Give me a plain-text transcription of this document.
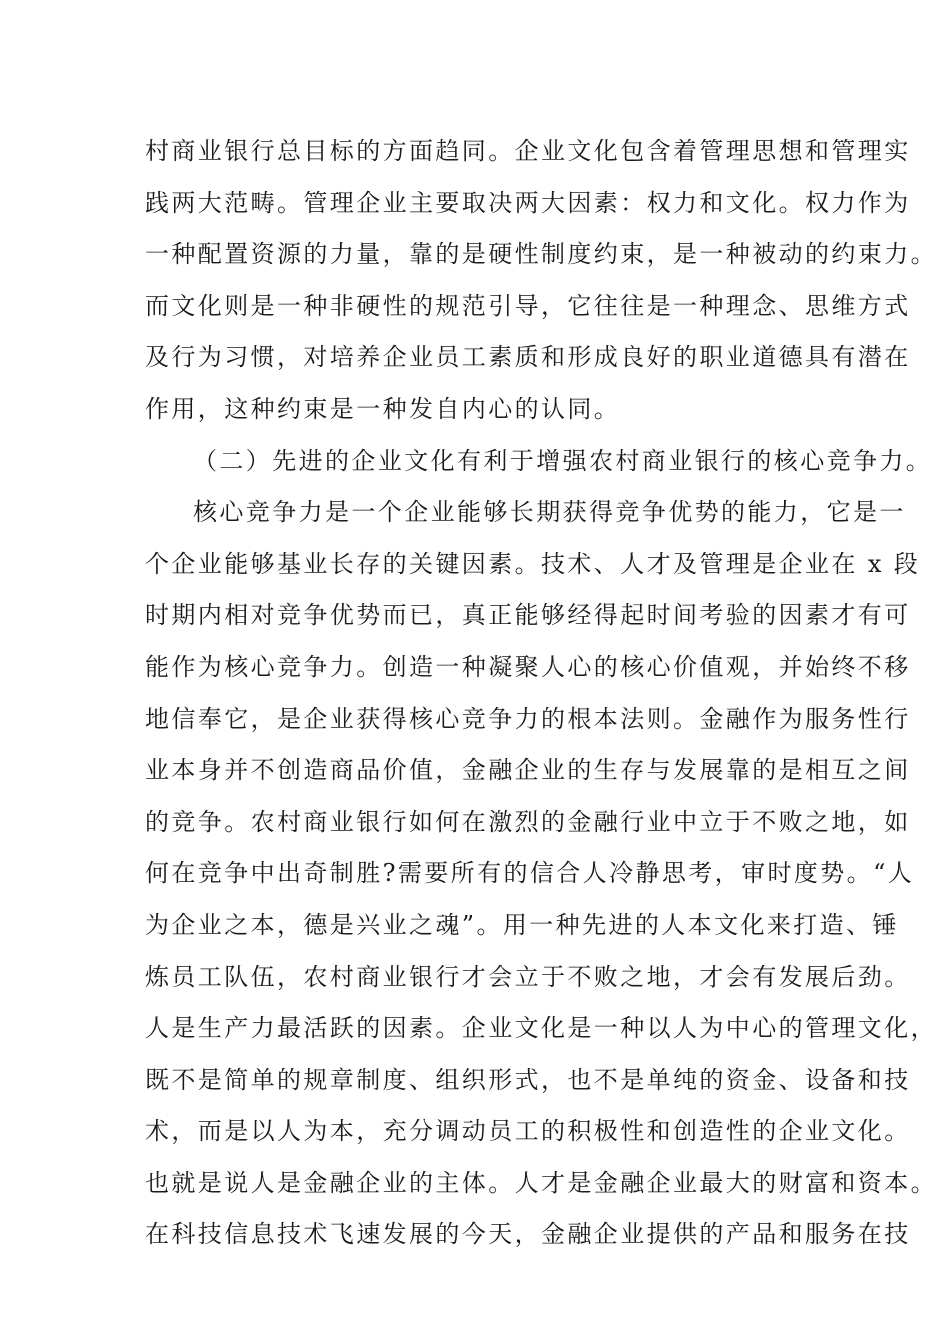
村商业银行总目标的方面趋同。企业文化包含着管理思想和管理实
践两大范畴。管理企业主要取决两大因素：权力和文化。权力作为
一种配置资源的力量，靠的是硬性制度约束，是一种被动的约束力。
而文化则是一种非硬性的规范引导，它往往是一种理念、思维方式
及行为习惯，对培养企业员工素质和形成良好的职业道德具有潜在
作用，这种约束是一种发自内心的认同。
（二）先进的企业文化有利于增强农村商业银行的核心竞争力。
核心竞争力是一个企业能够长期获得竞争优势的能力，它是一
个企业能够基业长存的关键因素。技术、人才及管理是企业在 x 段
时期内相对竞争优势而已，真正能够经得起时间考验的因素才有可
能作为核心竞争力。创造一种凝聚人心的核心价值观，并始终不移
地信奉它，是企业获得核心竞争力的根本法则。金融作为服务性行
业本身并不创造商品价值，金融企业的生存与发展靠的是相互之间
的竞争。农村商业银行如何在激烈的金融行业中立于不败之地，如
何在竞争中出奇制胜?需要所有的信合人冷静思考，审时度势。“人
为企业之本，德是兴业之魂”。用一种先进的人本文化来打造、锤
炼员工队伍，农村商业银行才会立于不败之地，才会有发展后劲。
人是生产力最活跃的因素。企业文化是一种以人为中心的管理文化，
既不是简单的规章制度、组织形式，也不是单纯的资金、设备和技
术，而是以人为本，充分调动员工的积极性和创造性的企业文化。
也就是说人是金融企业的主体。人才是金融企业最大的财富和资本。
在科技信息技术飞速发展的今天，金融企业提供的产品和服务在技
